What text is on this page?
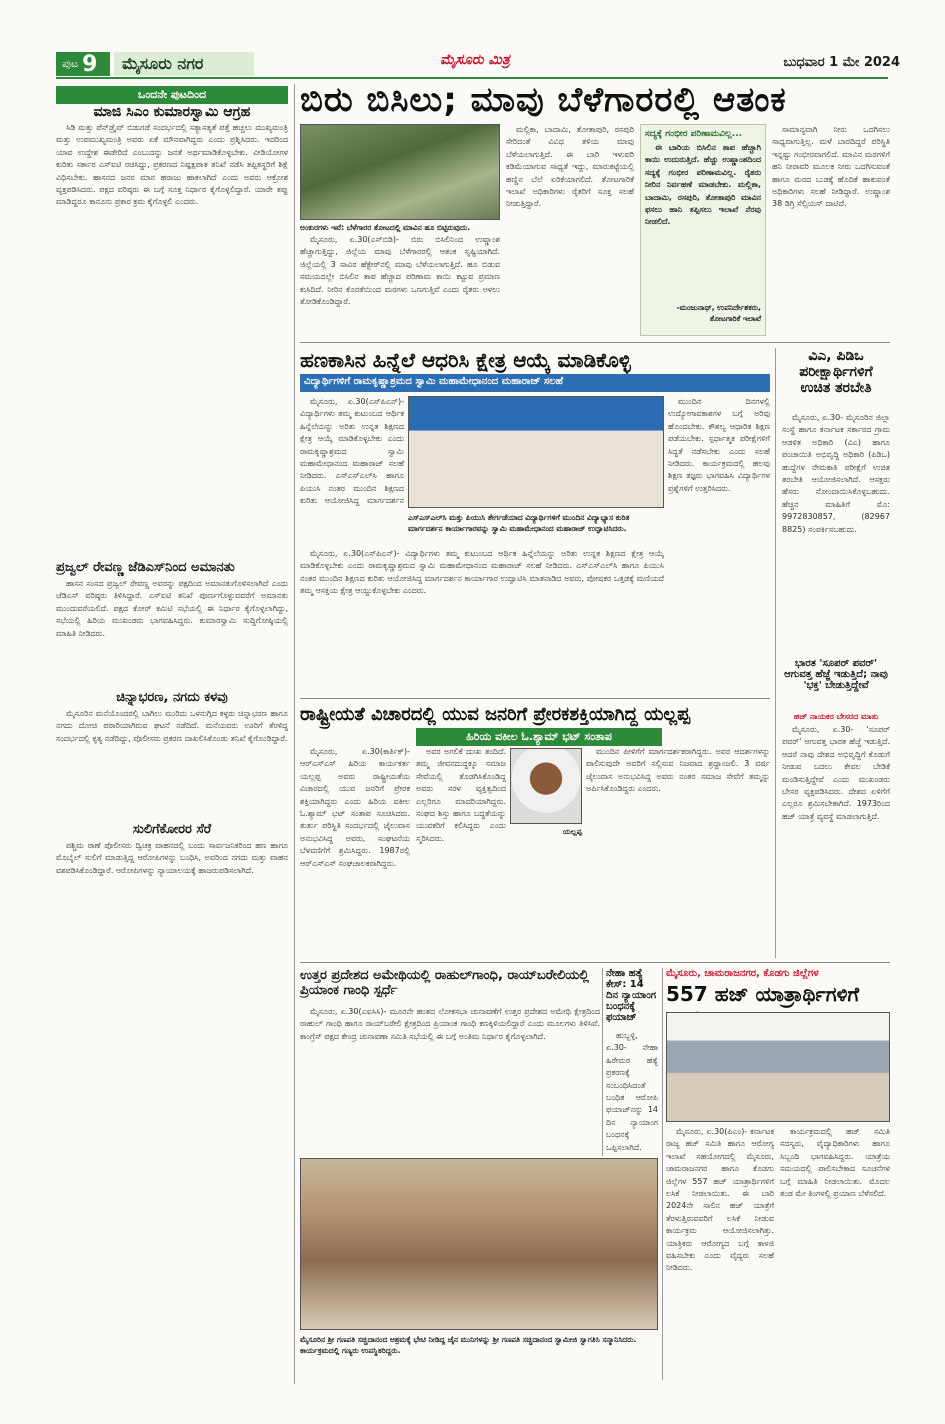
ಪುಟ 9	ಮೈಸೂರು ನಗರ	ಮೈಸೂರು ಮಿತ್ರ	ಬುಧವಾರ 1 ಮೇ 2024
ಒಂದನೇ ಪುಟದಿಂದ
ಮಾಜಿ ಸಿಎಂ ಕುಮಾರಸ್ವಾಮಿ ಆಗ್ರಹ

ಸಿಡಿ ಮತ್ತು ಪೆನ್‌ಡ್ರೈವ್ ಬಿಡುಗಡೆ ಸಂದರ್ಭದಲ್ಲಿ ಸತ್ಯಾಸತ್ಯತೆ ಪತ್ತೆ ಹಚ್ಚಲು ಮುಖ್ಯಮಂತ್ರಿ ಮತ್ತು ಉಪಮುಖ್ಯಮಂತ್ರಿ ಅವರು ಏಕೆ ಮೌನವಾಗಿದ್ದರು ಎಂದು ಪ್ರಶ್ನಿಸಿದರು. ಇದರಿಂದ ಯಾವ ಉದ್ದೇಶ ಈಡೇರಿದೆ ಎಂಬುದನ್ನು ಜನತೆ ಅರ್ಥಮಾಡಿಕೊಳ್ಳಬೇಕು. ವೀಡಿಯೋಗಳ ಕುರಿತು ಸರ್ಕಾರ ಎಸ್‌ಐಟಿ ರಚಿಸಿದ್ದು, ಪ್ರಕರಣದ ನಿಷ್ಪಕ್ಷಪಾತ ತನಿಖೆ ನಡೆಸಿ ತಪ್ಪಿತಸ್ಥರಿಗೆ ಶಿಕ್ಷೆ ವಿಧಿಸಬೇಕು. ಹಾಸನದ ಜನರ ಮಾನ ಹರಾಜು ಹಾಕಲಾಗಿದೆ ಎಂದು ಅವರು ಆಕ್ರೋಶ ವ್ಯಕ್ತಪಡಿಸಿದರು. ಪಕ್ಷದ ವರಿಷ್ಠರು ಈ ಬಗ್ಗೆ ಸೂಕ್ತ ನಿರ್ಧಾರ ಕೈಗೊಳ್ಳಲಿದ್ದಾರೆ. ಯಾರೇ ತಪ್ಪು ಮಾಡಿದ್ದರೂ ಕಾನೂನು ಪ್ರಕಾರ ಕ್ರಮ ಕೈಗೊಳ್ಳಲಿ ಎಂದರು.

ಪ್ರಜ್ವಲ್ ರೇವಣ್ಣ ಜೆಡಿಎಸ್‌ನಿಂದ ಅಮಾನತು

ಹಾಸನ ಸಂಸದ ಪ್ರಜ್ವಲ್ ರೇವಣ್ಣ ಅವರನ್ನು ಪಕ್ಷದಿಂದ ಅಮಾನತುಗೊಳಿಸಲಾಗಿದೆ ಎಂದು ಜೆಡಿಎಸ್ ವರಿಷ್ಠರು ತಿಳಿಸಿದ್ದಾರೆ. ಎಸ್‌ಐಟಿ ತನಿಖೆ ಪೂರ್ಣಗೊಳ್ಳುವವರೆಗೆ ಅಮಾನತು ಮುಂದುವರೆಯಲಿದೆ. ಪಕ್ಷದ ಕೋರ್ ಕಮಿಟಿ ಸಭೆಯಲ್ಲಿ ಈ ನಿರ್ಧಾರ ಕೈಗೊಳ್ಳಲಾಗಿದ್ದು, ಸಭೆಯಲ್ಲಿ ಹಿರಿಯ ಮುಖಂಡರು ಭಾಗವಹಿಸಿದ್ದರು. ಕುಮಾರಸ್ವಾಮಿ ಸುದ್ದಿಗೋಷ್ಠಿಯಲ್ಲಿ ಮಾಹಿತಿ ನೀಡಿದರು.

ಚಿನ್ನಾಭರಣ, ನಗದು ಕಳವು

ಮೈಸೂರಿನ ಮನೆಯೊಂದರಲ್ಲಿ ಬಾಗಿಲು ಮುರಿದು ಒಳನುಗ್ಗಿದ ಕಳ್ಳರು ಚಿನ್ನಾಭರಣ ಹಾಗೂ ನಗದು ದೋಚಿ ಪರಾರಿಯಾಗಿರುವ ಘಟನೆ ನಡೆದಿದೆ. ಮನೆಯವರು ಊರಿಗೆ ತೆರಳಿದ್ದ ಸಂದರ್ಭದಲ್ಲಿ ಕೃತ್ಯ ನಡೆದಿದ್ದು, ಪೊಲೀಸರು ಪ್ರಕರಣ ದಾಖಲಿಸಿಕೊಂಡು ತನಿಖೆ ಕೈಗೊಂಡಿದ್ದಾರೆ.

ಸುಲಿಗೆಕೋರರ ಸೆರೆ

ಪಶ್ಚಿಮ ಠಾಣೆ ಪೊಲೀಸರು ದ್ವಿಚಕ್ರ ವಾಹನದಲ್ಲಿ ಬಂದು ಸಾರ್ವಜನಿಕರಿಂದ ಹಣ ಹಾಗೂ ಮೊಬೈಲ್ ಸುಲಿಗೆ ಮಾಡುತ್ತಿದ್ದ ಆರೋಪಿಗಳನ್ನು ಬಂಧಿಸಿ, ಅವರಿಂದ ನಗದು ಮತ್ತು ವಾಹನ ವಶಪಡಿಸಿಕೊಂಡಿದ್ದಾರೆ. ಆರೋಪಿಗಳನ್ನು ನ್ಯಾಯಾಲಯಕ್ಕೆ ಹಾಜರುಪಡಿಸಲಾಗಿದೆ.

ಬಿರು ಬಿಸಿಲು; ಮಾವು ಬೆಳೆಗಾರರಲ್ಲಿ ಆತಂಕ
ಅಂಕುರಗಳು ಇವೆ: ಬೆಳೆಗಾರರ ತೋಟದಲ್ಲಿ ಮಾವಿನ ಹೂ ಬಿಟ್ಟಿರುವುದು.

ಮೈಸೂರು, ಏ.30(ಎಸ್‌ಬಿಡಿ)- ಬಿರು ಬಿಸಿಲಿನಿಂದ ಉಷ್ಣಾಂಶ ಹೆಚ್ಚಾಗುತ್ತಿದ್ದು, ಜಿಲ್ಲೆಯ ಮಾವು ಬೆಳೆಗಾರರಲ್ಲಿ ಆತಂಕ ಸೃಷ್ಟಿಯಾಗಿದೆ. ಜಿಲ್ಲೆಯಲ್ಲಿ 3 ಸಾವಿರ ಹೆಕ್ಟೇರ್‌ನಲ್ಲಿ ಮಾವು ಬೆಳೆಯಲಾಗುತ್ತಿದೆ. ಹೂ ಬಿಡುವ ಸಮಯದಲ್ಲೇ ಬಿಸಿಲಿನ ತಾಪ ಹೆಚ್ಚಾದ ಪರಿಣಾಮ ಕಾಯಿ ಕಟ್ಟುವ ಪ್ರಮಾಣ ಕುಸಿದಿದೆ. ನೀರಿನ ಕೊರತೆಯಿಂದ ಮರಗಳು ಒಣಗುತ್ತಿವೆ ಎಂದು ರೈತರು ಅಳಲು ತೋಡಿಕೊಂಡಿದ್ದಾರೆ.

ಮಲ್ಲಿಕಾ, ಬಾದಾಮಿ, ತೋತಾಪುರಿ, ರಸಪುರಿ ಸೇರಿದಂತೆ ವಿವಿಧ ತಳಿಯ ಮಾವು ಬೆಳೆಯಲಾಗುತ್ತಿದೆ. ಈ ಬಾರಿ ಇಳುವರಿ ಕಡಿಮೆಯಾಗುವ ಸಾಧ್ಯತೆ ಇದ್ದು, ಮಾರುಕಟ್ಟೆಯಲ್ಲಿ ಹಣ್ಣಿನ ಬೆಲೆ ಏರಿಕೆಯಾಗಲಿದೆ. ತೋಟಗಾರಿಕೆ ಇಲಾಖೆ ಅಧಿಕಾರಿಗಳು ರೈತರಿಗೆ ಸೂಕ್ತ ಸಲಹೆ ನೀಡುತ್ತಿದ್ದಾರೆ.

ಸದ್ಯಕ್ಕೆ ಗಂಭೀರ ಪರಿಣಾಮವಿಲ್ಲ...

ಈ ಬಾರಿಯ ಬಿಸಿಲಿನ ತಾಪ ಹೆಚ್ಚಾಗಿ ಕಾಯಿ ಉದುರುತ್ತಿದೆ. ಹೆಚ್ಚು ಉಷ್ಣಾಂಶದಿಂದ ಸದ್ಯಕ್ಕೆ ಗಂಭೀರ ಪರಿಣಾಮವಿಲ್ಲ. ರೈತರು ನೀರಿನ ನಿರ್ವಹಣೆ ಮಾಡಬೇಕು. ಮಲ್ಲಿಕಾ, ಬಾದಾಮಿ, ರಸಪುರಿ, ತೋತಾಪುರಿ ಮಾವಿನ ಫಸಲು ಹಾನಿ ತಪ್ಪಿಸಲು ಇಲಾಖೆ ನೆರವು ನೀಡಲಿದೆ.

-ಮಂಜುನಾಥ್, ಉಪನಿರ್ದೇಶಕರು, ತೋಟಗಾರಿಕೆ ಇಲಾಖೆ

ಸಾಮಾನ್ಯವಾಗಿ ನೀರು ಒದಗಿಸಲು ಸಾಧ್ಯವಾಗುತ್ತಿಲ್ಲ. ಮಳೆ ಬಾರದಿದ್ದರೆ ಪರಿಸ್ಥಿತಿ ಇನ್ನಷ್ಟು ಗಂಭೀರವಾಗಲಿದೆ. ಮಾವಿನ ಮರಗಳಿಗೆ ಹನಿ ನೀರಾವರಿ ಮೂಲಕ ನೀರು ಒದಗಿಸುವಂತೆ ಹಾಗೂ ಮರದ ಬುಡಕ್ಕೆ ಹೊದಿಕೆ ಹಾಕುವಂತೆ ಅಧಿಕಾರಿಗಳು ಸಲಹೆ ನೀಡಿದ್ದಾರೆ. ಉಷ್ಣಾಂಶ 38 ಡಿಗ್ರಿ ಸೆಲ್ಸಿಯಸ್ ದಾಟಿದೆ.

ಹಣಕಾಸಿನ ಹಿನ್ನೆಲೆ ಆಧರಿಸಿ ಕ್ಷೇತ್ರ ಆಯ್ಕೆ ಮಾಡಿಕೊಳ್ಳಿ
ವಿದ್ಯಾರ್ಥಿಗಳಿಗೆ ರಾಮಕೃಷ್ಣಾಶ್ರಮದ ಸ್ವಾಮಿ ಮಹಾಮೇಧಾನಂದ ಮಹಾರಾಜ್ ಸಲಹೆ

ಮೈಸೂರು, ಏ.30(ಎಸ್‌ಪಿಎನ್)- ವಿದ್ಯಾರ್ಥಿಗಳು ತಮ್ಮ ಕುಟುಂಬದ ಆರ್ಥಿಕ ಹಿನ್ನೆಲೆಯನ್ನು ಅರಿತು ಉನ್ನತ ಶಿಕ್ಷಣದ ಕ್ಷೇತ್ರ ಆಯ್ಕೆ ಮಾಡಿಕೊಳ್ಳಬೇಕು ಎಂದು ರಾಮಕೃಷ್ಣಾಶ್ರಮದ ಸ್ವಾಮಿ ಮಹಾಮೇಧಾನಂದ ಮಹಾರಾಜ್ ಸಲಹೆ ನೀಡಿದರು. ಎಸ್‌ಎಸ್‌ಎಲ್‌ಸಿ ಹಾಗೂ ಪಿಯುಸಿ ನಂತರ ಮುಂದಿನ ಶಿಕ್ಷಣದ ಕುರಿತು ಆಯೋಜಿಸಿದ್ದ ಮಾರ್ಗದರ್ಶನ

ಎಸ್‌ಎಸ್‌ಎಲ್‌ಸಿ ಮತ್ತು ಪಿಯುಸಿ ತೇರ್ಗಡೆಯಾದ ವಿದ್ಯಾರ್ಥಿಗಳಿಗೆ ಮುಂದಿನ ವಿದ್ಯಾಭ್ಯಾಸ ಕುರಿತ ಮಾರ್ಗದರ್ಶನ ಕಾರ್ಯಾಗಾರವನ್ನು ಸ್ವಾಮಿ ಮಹಾಮೇಧಾನಂದ ಮಹಾರಾಜ್ ಉದ್ಘಾಟಿಸಿದರು.

ಮುಂದಿನ ದಿನಗಳಲ್ಲಿ ಉದ್ಯೋಗಾವಕಾಶಗಳ ಬಗ್ಗೆ ಅರಿವು ಹೊಂದಬೇಕು. ಕೌಶಲ್ಯ ಆಧಾರಿತ ಶಿಕ್ಷಣ ಪಡೆಯಬೇಕು. ಸ್ಪರ್ಧಾತ್ಮಕ ಪರೀಕ್ಷೆಗಳಿಗೆ ಸಿದ್ಧತೆ ನಡೆಸಬೇಕು ಎಂದು ಸಲಹೆ ನೀಡಿದರು. ಕಾರ್ಯಕ್ರಮದಲ್ಲಿ ಹಲವು ಶಿಕ್ಷಣ ತಜ್ಞರು ಭಾಗವಹಿಸಿ ವಿದ್ಯಾರ್ಥಿಗಳ ಪ್ರಶ್ನೆಗಳಿಗೆ ಉತ್ತರಿಸಿದರು.

ಮೈಸೂರು, ಏ.30(ಎಸ್‌ಪಿಎನ್)- ವಿದ್ಯಾರ್ಥಿಗಳು ತಮ್ಮ ಕುಟುಂಬದ ಆರ್ಥಿಕ ಹಿನ್ನೆಲೆಯನ್ನು ಅರಿತು ಉನ್ನತ ಶಿಕ್ಷಣದ ಕ್ಷೇತ್ರ ಆಯ್ಕೆ ಮಾಡಿಕೊಳ್ಳಬೇಕು ಎಂದು ರಾಮಕೃಷ್ಣಾಶ್ರಮದ ಸ್ವಾಮಿ ಮಹಾಮೇಧಾನಂದ ಮಹಾರಾಜ್ ಸಲಹೆ ನೀಡಿದರು. ಎಸ್‌ಎಸ್‌ಎಲ್‌ಸಿ ಹಾಗೂ ಪಿಯುಸಿ ನಂತರ ಮುಂದಿನ ಶಿಕ್ಷಣದ ಕುರಿತು ಆಯೋಜಿಸಿದ್ದ ಮಾರ್ಗದರ್ಶನ ಕಾರ್ಯಾಗಾರ ಉದ್ಘಾಟಿಸಿ ಮಾತನಾಡಿದ ಅವರು, ಪೋಷಕರ ಒತ್ತಡಕ್ಕೆ ಮಣಿಯದೆ ತಮ್ಮ ಆಸಕ್ತಿಯ ಕ್ಷೇತ್ರ ಆಯ್ದುಕೊಳ್ಳಬೇಕು ಎಂದರು.

ವಿಎ, ಪಿಡಿಒ ಪರೀಕ್ಷಾರ್ಥಿಗಳಿಗೆ ಉಚಿತ ತರಬೇತಿ

ಮೈಸೂರು, ಏ.30- ಮೈಸೂರಿನ ಜಿಲ್ಲಾ ಸಂಸ್ಥೆ ಹಾಗೂ ಕರ್ನಾಟಕ ಸರ್ಕಾರದ ಗ್ರಾಮ ಆಡಳಿತ ಅಧಿಕಾರಿ (ವಿಎ) ಹಾಗೂ ಪಂಚಾಯಿತಿ ಅಭಿವೃದ್ಧಿ ಅಧಿಕಾರಿ (ಪಿಡಿಒ) ಹುದ್ದೆಗಳ ನೇಮಕಾತಿ ಪರೀಕ್ಷೆಗೆ ಉಚಿತ ತರಬೇತಿ ಆಯೋಜಿಸಲಾಗಿದೆ. ಆಸಕ್ತರು ಹೆಸರು ನೋಂದಾಯಿಸಿಕೊಳ್ಳಬಹುದು. ಹೆಚ್ಚಿನ ಮಾಹಿತಿಗೆ ಮೊ: 9972830857, (82967 8825) ಸಂಪರ್ಕಿಸಬಹುದು.

ಭಾರತ 'ಸೂಪರ್ ಪವರ್' ಆಗುವತ್ತ ಹೆಜ್ಜೆ ಇಡುತ್ತಿದೆ; ನಾವು 'ಭಕ್ತ' ಬೇಡುತ್ತಿದ್ದೇವೆ
ಹಜ್ ನಾಯಕರ ಬೇಸರದ ಮಾತು

ಮೈಸೂರು, ಏ.30- 'ಸೂಪರ್ ಪವರ್' ಆಗುವತ್ತ ಭಾರತ ಹೆಜ್ಜೆ ಇಡುತ್ತಿದೆ. ಆದರೆ ನಾವು ದೇಶದ ಅಭಿವೃದ್ಧಿಗೆ ಕೊಡುಗೆ ನೀಡುವ ಬದಲು ಕೇವಲ ಬೇಡಿಕೆ ಮಂಡಿಸುತ್ತಿದ್ದೇವೆ ಎಂದು ಮುಖಂಡರು ಬೇಸರ ವ್ಯಕ್ತಪಡಿಸಿದರು. ದೇಶದ ಏಳಿಗೆಗೆ ಎಲ್ಲರೂ ಶ್ರಮಿಸಬೇಕಾಗಿದೆ. 1973ರಿಂದ ಹಜ್ ಯಾತ್ರೆ ವ್ಯವಸ್ಥೆ ಮಾಡಲಾಗುತ್ತಿದೆ.

ರಾಷ್ಟ್ರೀಯತೆ ವಿಚಾರದಲ್ಲಿ ಯುವ ಜನರಿಗೆ ಪ್ರೇರಕಶಕ್ತಿಯಾಗಿದ್ದ ಯಲ್ಲಪ್ಪ
ಹಿರಿಯ ವಕೀಲ ಓ.ಶ್ಯಾಮ್ ಭಟ್ ಸಂತಾಪ

ಮೈಸೂರು, ಏ.30(ಕಾರ್ತಿಕ್)- ಆರ್‌ಎಸ್‌ಎಸ್ ಹಿರಿಯ ಕಾರ್ಯಕರ್ತ ಯಲ್ಲಪ್ಪ ಅವರು ರಾಷ್ಟ್ರೀಯತೆಯ ವಿಚಾರದಲ್ಲಿ ಯುವ ಜನರಿಗೆ ಪ್ರೇರಕ ಶಕ್ತಿಯಾಗಿದ್ದರು ಎಂದು ಹಿರಿಯ ವಕೀಲ ಓ.ಶ್ಯಾಮ್ ಭಟ್ ಸಂತಾಪ ಸೂಚಿಸಿದರು. ತುರ್ತು ಪರಿಸ್ಥಿತಿ ಸಂದರ್ಭದಲ್ಲಿ ಜೈಲುವಾಸ ಅನುಭವಿಸಿದ್ದ ಅವರು, ಸಂಘಟನೆಯ ಬೆಳವಣಿಗೆಗೆ ಶ್ರಮಿಸಿದ್ದರು. 1987ರಲ್ಲಿ ಆರ್‌ಎಸ್‌ಎಸ್ ಸಂಘಚಾಲಕರಾಗಿದ್ದರು.

ಅವರ ಅಗಲಿಕೆ ದುಃಖ ತಂದಿದೆ. ತಮ್ಮ ಜೀವನದುದ್ದಕ್ಕೂ ಸಮಾಜ ಸೇವೆಯಲ್ಲಿ ತೊಡಗಿಸಿಕೊಂಡಿದ್ದ ಅವರು ಸರಳ ವ್ಯಕ್ತಿತ್ವದಿಂದ ಎಲ್ಲರಿಗೂ ಮಾದರಿಯಾಗಿದ್ದರು. ಸಂಘದ ಶಿಸ್ತು ಹಾಗೂ ಬದ್ಧತೆಯನ್ನು ಯುವಕರಿಗೆ ಕಲಿಸಿದ್ದರು ಎಂದು ಸ್ಮರಿಸಿದರು.

ಯಲ್ಲಪ್ಪ

ಮುಂದಿನ ಪೀಳಿಗೆಗೆ ಮಾರ್ಗದರ್ಶಕರಾಗಿದ್ದರು. ಅವರ ಆದರ್ಶಗಳನ್ನು ಪಾಲಿಸುವುದೇ ಅವರಿಗೆ ಸಲ್ಲಿಸುವ ನಿಜವಾದ ಶ್ರದ್ಧಾಂಜಲಿ. 3 ವರ್ಷ ಜೈಲುವಾಸ ಅನುಭವಿಸಿದ್ದ ಅವರು ನಂತರ ಸಮಾಜ ಸೇವೆಗೆ ತಮ್ಮನ್ನು ಅರ್ಪಿಸಿಕೊಂಡಿದ್ದರು ಎಂದರು.

ಉತ್ತರ ಪ್ರದೇಶದ ಅಮೇಥಿಯಲ್ಲಿ ರಾಹುಲ್‌ಗಾಂಧಿ, ರಾಯ್‌ಬರೇಲಿಯಲ್ಲಿ ಪ್ರಿಯಾಂಕ ಗಾಂಧಿ ಸ್ಪರ್ಧೆ

ಮೈಸೂರು, ಏ.30(ಎಐಸಿಸಿ)- ಮೂರನೇ ಹಂತದ ಲೋಕಸಭಾ ಚುನಾವಣೆಗೆ ಉತ್ತರ ಪ್ರದೇಶದ ಅಮೇಥಿ ಕ್ಷೇತ್ರದಿಂದ ರಾಹುಲ್ ಗಾಂಧಿ ಹಾಗೂ ರಾಯ್‌ಬರೇಲಿ ಕ್ಷೇತ್ರದಿಂದ ಪ್ರಿಯಾಂಕ ಗಾಂಧಿ ಕಣಕ್ಕಿಳಿಯಲಿದ್ದಾರೆ ಎಂದು ಮೂಲಗಳು ತಿಳಿಸಿವೆ. ಕಾಂಗ್ರೆಸ್ ಪಕ್ಷದ ಕೇಂದ್ರ ಚುನಾವಣಾ ಸಮಿತಿ ಸಭೆಯಲ್ಲಿ ಈ ಬಗ್ಗೆ ಅಂತಿಮ ನಿರ್ಧಾರ ಕೈಗೊಳ್ಳಲಾಗಿದೆ.

ಮೈಸೂರಿನ ಶ್ರೀ ಗಣಪತಿ ಸಚ್ಚಿದಾನಂದ ಆಶ್ರಮಕ್ಕೆ ಭೇಟಿ ನೀಡಿದ್ದ ಜೈನ ಮುನಿಗಳನ್ನು ಶ್ರೀ ಗಣಪತಿ ಸಚ್ಚಿದಾನಂದ ಸ್ವಾಮೀಜಿ ಸ್ವಾಗತಿಸಿ ಸನ್ಮಾನಿಸಿದರು. ಕಾರ್ಯಕ್ರಮದಲ್ಲಿ ಗಣ್ಯರು ಉಪಸ್ಥಿತರಿದ್ದರು.
ನೇಹಾ ಹತ್ಯೆ ಕೇಸ್: 14 ದಿನ ನ್ಯಾಯಾಂಗ ಬಂಧನಕ್ಕೆ ಫಯಾಜ್

ಹುಬ್ಬಳ್ಳಿ, ಏ.30- ನೇಹಾ ಹಿರೇಮಠ ಹತ್ಯೆ ಪ್ರಕರಣಕ್ಕೆ ಸಂಬಂಧಿಸಿದಂತೆ ಬಂಧಿತ ಆರೋಪಿ ಫಯಾಜ್‌ನನ್ನು 14 ದಿನ ನ್ಯಾಯಾಂಗ ಬಂಧನಕ್ಕೆ ಒಪ್ಪಿಸಲಾಗಿದೆ.

ಮೈಸೂರು, ಚಾಮರಾಜನಗರ, ಕೊಡಗು ಜಿಲ್ಲೆಗಳ
557 ಹಜ್ ಯಾತ್ರಾರ್ಥಿಗಳಿಗೆ

ಮೈಸೂರು, ಏ.30(ಪಿಎಂ)- ಕರ್ನಾಟಕ ರಾಜ್ಯ ಹಜ್ ಸಮಿತಿ ಹಾಗೂ ಆರೋಗ್ಯ ಇಲಾಖೆ ಸಹಯೋಗದಲ್ಲಿ ಮೈಸೂರು, ಚಾಮರಾಜನಗರ ಹಾಗೂ ಕೊಡಗು ಜಿಲ್ಲೆಗಳ 557 ಹಜ್ ಯಾತ್ರಾರ್ಥಿಗಳಿಗೆ ಲಸಿಕೆ ನೀಡಲಾಯಿತು. ಈ ಬಾರಿ 2024ನೇ ಸಾಲಿನ ಹಜ್ ಯಾತ್ರೆಗೆ ತೆರಳುತ್ತಿರುವವರಿಗೆ ಲಸಿಕೆ ನೀಡುವ ಕಾರ್ಯಕ್ರಮ ಆಯೋಜಿಸಲಾಗಿತ್ತು. ಯಾತ್ರಿಕರು ಆರೋಗ್ಯದ ಬಗ್ಗೆ ಕಾಳಜಿ ವಹಿಸಬೇಕು ಎಂದು ವೈದ್ಯರು ಸಲಹೆ ನೀಡಿದರು.

ಕಾರ್ಯಕ್ರಮದಲ್ಲಿ ಹಜ್ ಸಮಿತಿ ಸದಸ್ಯರು, ವೈದ್ಯಾಧಿಕಾರಿಗಳು ಹಾಗೂ ಸಿಬ್ಬಂದಿ ಭಾಗವಹಿಸಿದ್ದರು. ಯಾತ್ರೆಯ ಸಮಯದಲ್ಲಿ ಪಾಲಿಸಬೇಕಾದ ಸೂಚನೆಗಳ ಬಗ್ಗೆ ಮಾಹಿತಿ ನೀಡಲಾಯಿತು. ಮೊದಲ ತಂಡ ಮೇ ತಿಂಗಳಲ್ಲಿ ಪ್ರಯಾಣ ಬೆಳೆಸಲಿದೆ.
